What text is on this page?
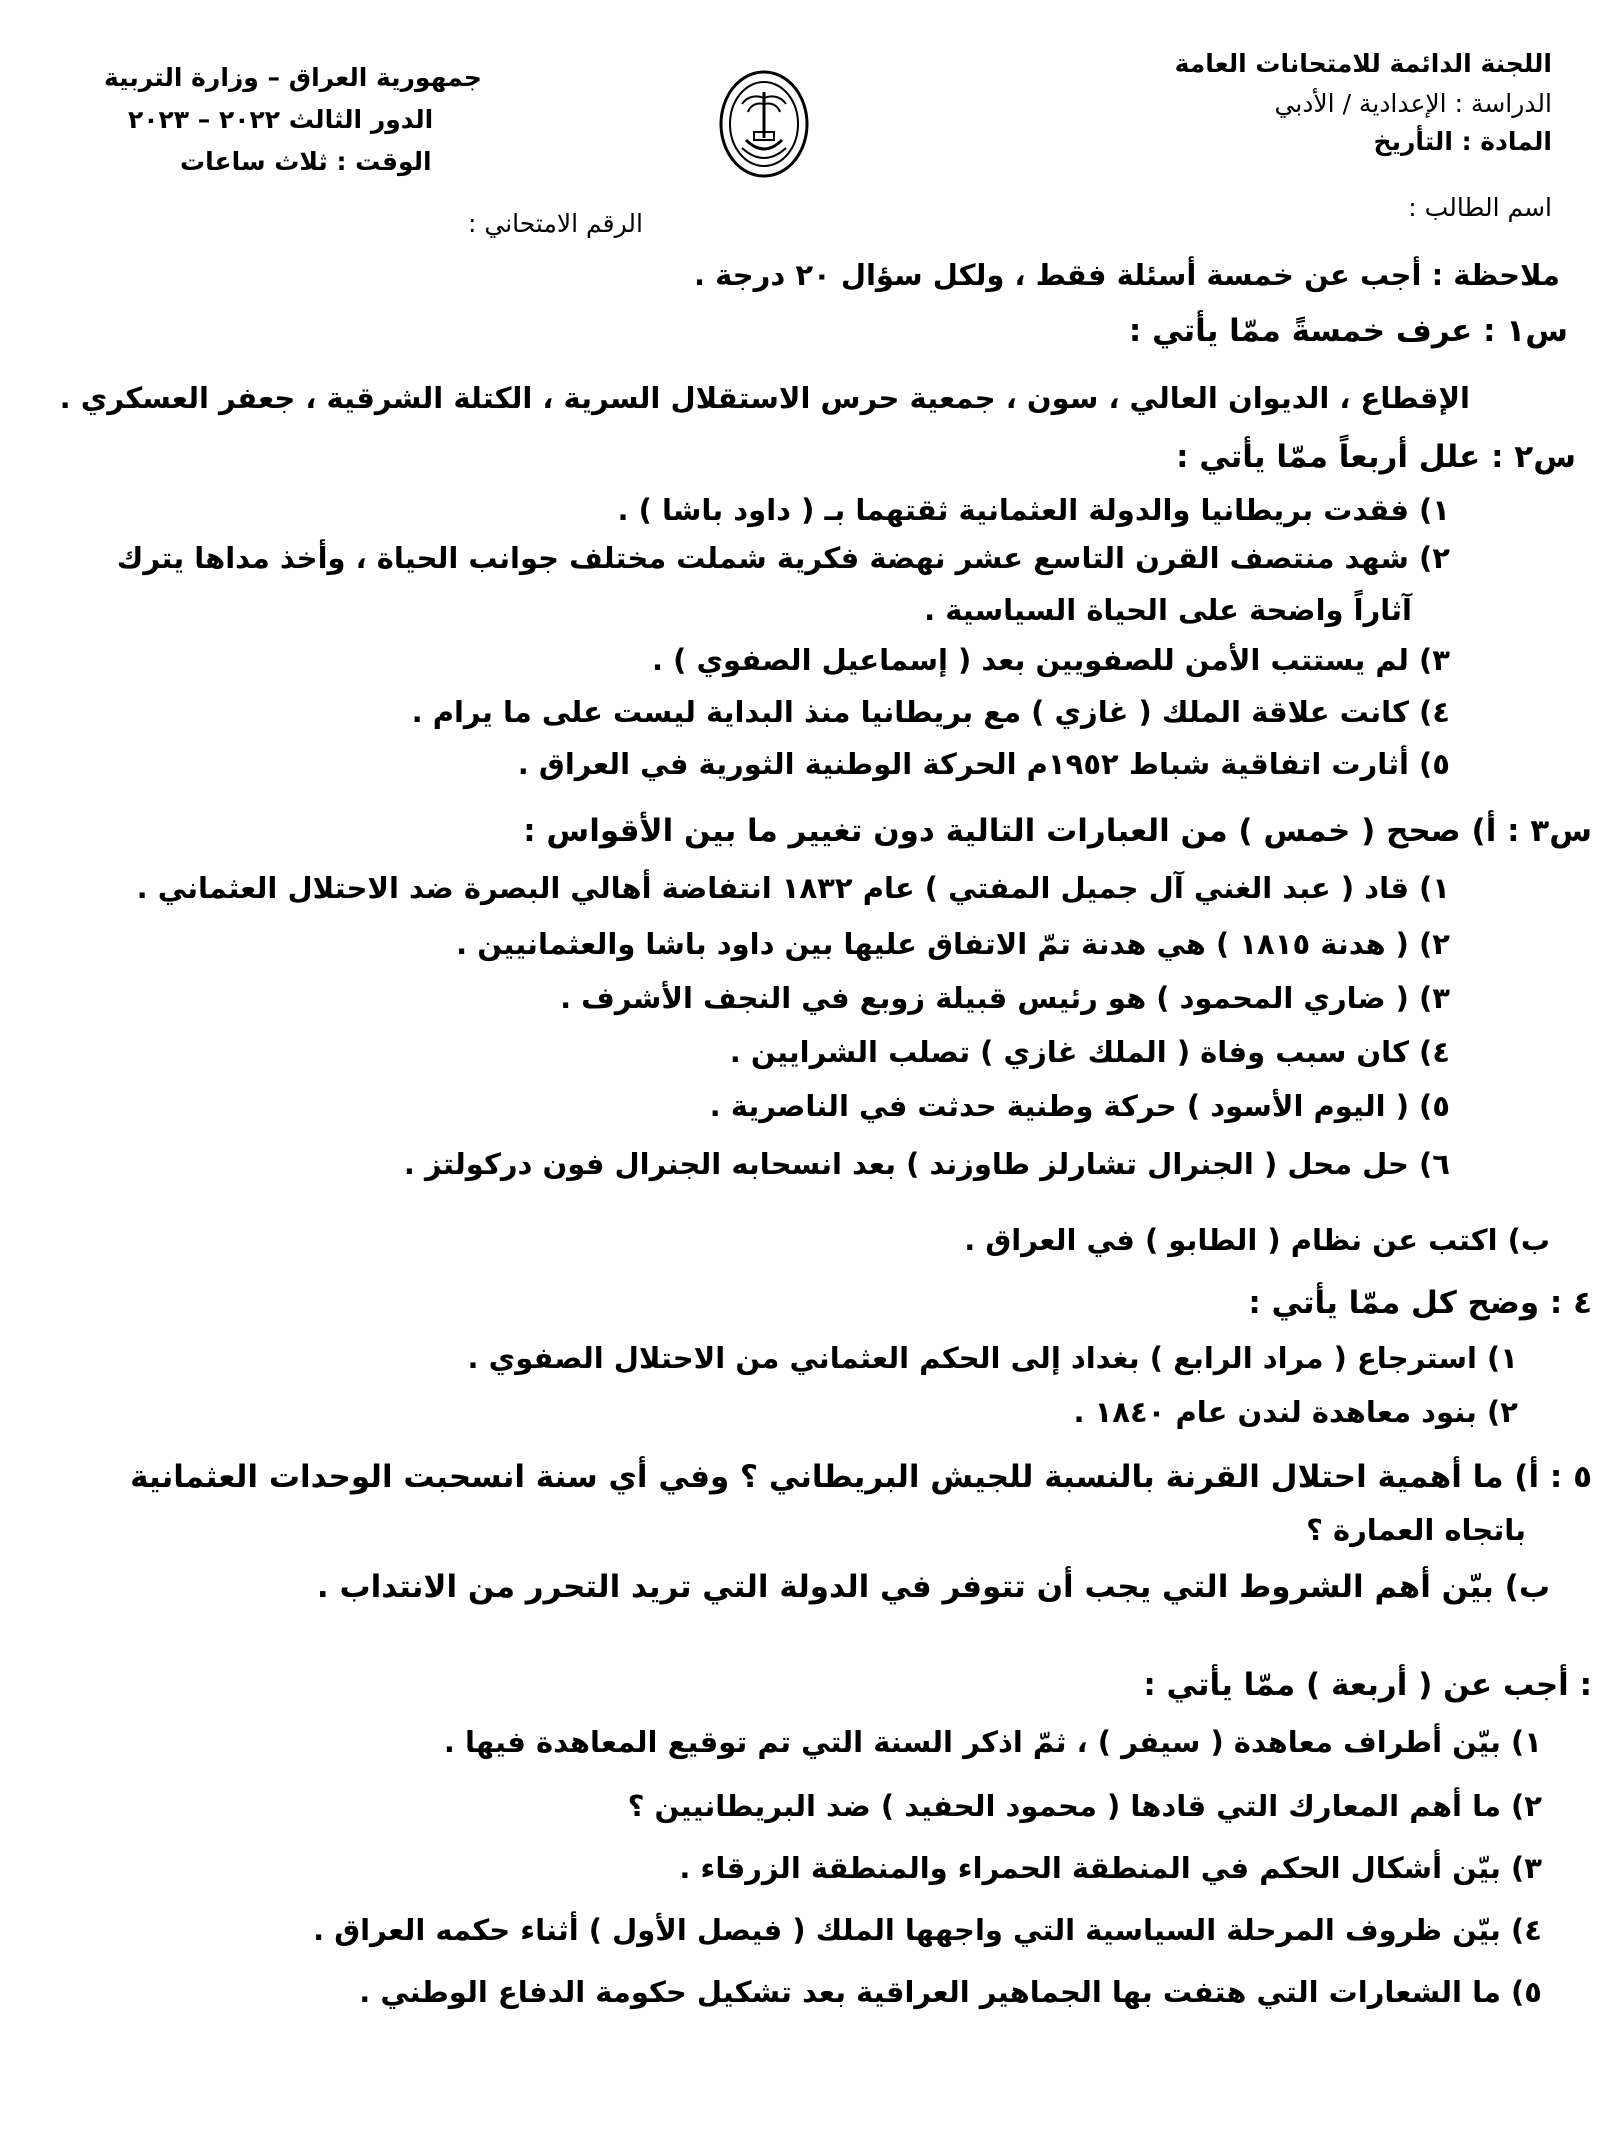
اللجنة الدائمة للامتحانات العامة
الدراسة : الإعدادية / الأدبي
المادة : التأريخ
جمهورية العراق – وزارة التربية
الدور الثالث ٢٠٢٢ – ٢٠٢٣
الوقت : ثلاث ساعات
اسم الطالب :
الرقم الامتحاني :
ملاحظة : أجب عن خمسة أسئلة فقط ، ولكل سؤال ٢٠ درجة .
س١ : عرف خمسةً ممّا يأتي :
الإقطاع ، الديوان العالي ، سون ، جمعية حرس الاستقلال السرية ، الكتلة الشرقية ، جعفر العسكري .
س٢ : علل أربعاً ممّا يأتي :
١) فقدت بريطانيا والدولة العثمانية ثقتهما بـ ( داود باشا ) .
٢) شهد منتصف القرن التاسع عشر نهضة فكرية شملت مختلف جوانب الحياة ، وأخذ مداها يترك
آثاراً واضحة على الحياة السياسية .
٣) لم يستتب الأمن للصفويين بعد ( إسماعيل الصفوي ) .
٤) كانت علاقة الملك ( غازي ) مع بريطانيا منذ البداية ليست على ما يرام .
٥) أثارت اتفاقية شباط ١٩٥٢م الحركة الوطنية الثورية في العراق .
س٣ : أ) صحح ( خمس ) من العبارات التالية دون تغيير ما بين الأقواس :
١) قاد ( عبد الغني آل جميل المفتي ) عام ١٨٣٢ انتفاضة أهالي البصرة ضد الاحتلال العثماني .
٢) ( هدنة ١٨١٥ ) هي هدنة تمّ الاتفاق عليها بين داود باشا والعثمانيين .
٣) ( ضاري المحمود ) هو رئيس قبيلة زوبع في النجف الأشرف .
٤) كان سبب وفاة ( الملك غازي ) تصلب الشرايين .
٥) ( اليوم الأسود ) حركة وطنية حدثت في الناصرية .
٦) حل محل ( الجنرال تشارلز طاوزند ) بعد انسحابه الجنرال فون دركولتز .
ب) اكتب عن نظام ( الطابو ) في العراق .
٤ : وضح كل ممّا يأتي :
١) استرجاع ( مراد الرابع ) بغداد إلى الحكم العثماني من الاحتلال الصفوي .
٢) بنود معاهدة لندن عام ١٨٤٠ .
٥ : أ) ما أهمية احتلال القرنة بالنسبة للجيش البريطاني ؟ وفي أي سنة انسحبت الوحدات العثمانية
باتجاه العمارة ؟
ب) بيّن أهم الشروط التي يجب أن تتوفر في الدولة التي تريد التحرر من الانتداب .
: أجب عن ( أربعة ) ممّا يأتي :
١) بيّن أطراف معاهدة ( سيفر ) ، ثمّ اذكر السنة التي تم توقيع المعاهدة فيها .
٢) ما أهم المعارك التي قادها ( محمود الحفيد ) ضد البريطانيين ؟
٣) بيّن أشكال الحكم في المنطقة الحمراء والمنطقة الزرقاء .
٤) بيّن ظروف المرحلة السياسية التي واجهها الملك ( فيصل الأول ) أثناء حكمه العراق .
٥) ما الشعارات التي هتفت بها الجماهير العراقية بعد تشكيل حكومة الدفاع الوطني .
